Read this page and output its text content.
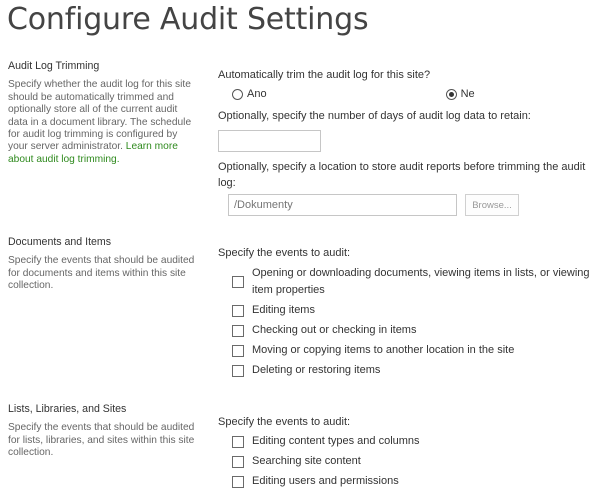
Configure Audit Settings
Audit Log Trimming
Specify whether the audit log for this site should be automatically trimmed and optionally store all of the current audit data in a document library. The schedule for audit log trimming is configured by your server administrator. Learn more about audit log trimming.
Automatically trim the audit log for this site?
Ano	Ne
Optionally, specify the number of days of audit log data to retain:
Optionally, specify a location to store audit reports before trimming the audit log:
/Dokumenty
Browse...
Documents and Items
Specify the events that should be audited for documents and items within this site collection.
Specify the events to audit:
Opening or downloading documents, viewing items in lists, or viewing item properties
Editing items
Checking out or checking in items
Moving or copying items to another location in the site
Deleting or restoring items
Lists, Libraries, and Sites
Specify the events that should be audited for lists, libraries, and sites within this site collection.
Specify the events to audit:
Editing content types and columns
Searching site content
Editing users and permissions
